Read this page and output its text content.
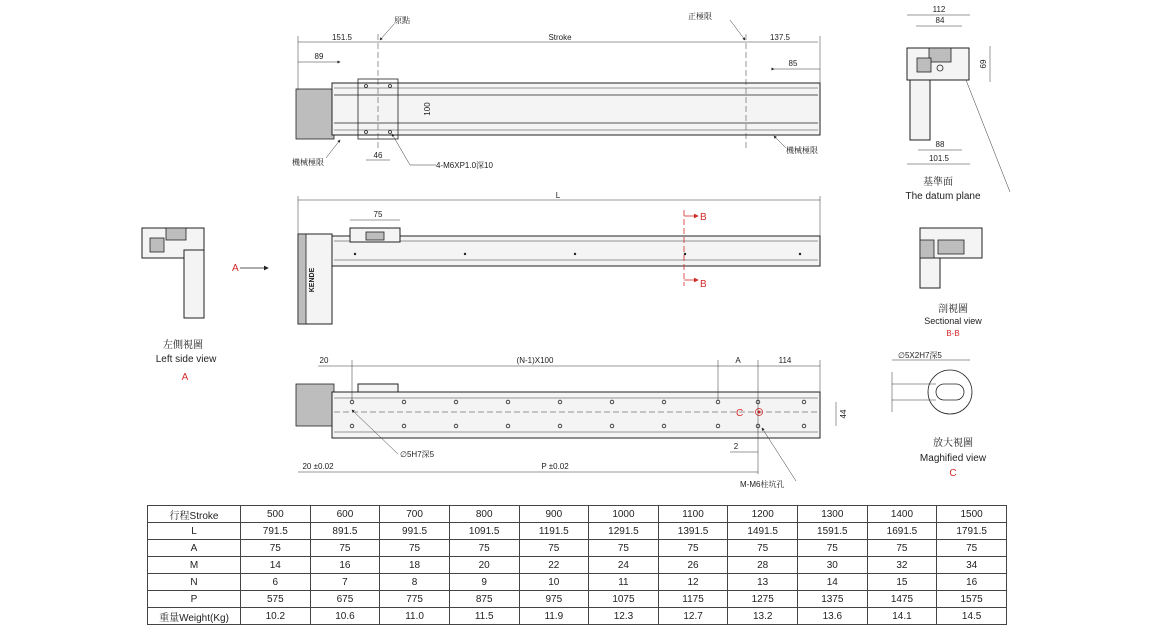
151.5
89
Stroke	137.5
85
100
46
原點	正極限
機械極限
機械極限
4-M6XP1.0深10
112
84
69
88
101.5
基準面
The datum plane
KENDE
L
75	B
B
A
左側視圖
Left side view
A
剖視圖
Sectional view
B-B
C
20	(N-1)X100	A	114
44
2
20 ±0.02	P ±0.02
∅5H7深5
M-M6柱坑孔
∅5X2H7深5
放大視圖
Maghified view
C
行程Stroke	500	600	700	800	900	1000	1100	1200	1300	1400	1500
L	791.5	891.5	991.5	1091.5	1191.5	1291.5	1391.5	1491.5	1591.5	1691.5	1791.5
A	75	75	75	75	75	75	75	75	75	75	75
M	14	16	18	20	22	24	26	28	30	32	34
N	6	7	8	9	10	11	12	13	14	15	16
P	575	675	775	875	975	1075	1175	1275	1375	1475	1575
重量Weight(Kg)	10.2	10.6	11.0	11.5	11.9	12.3	12.7	13.2	13.6	14.1	14.5
